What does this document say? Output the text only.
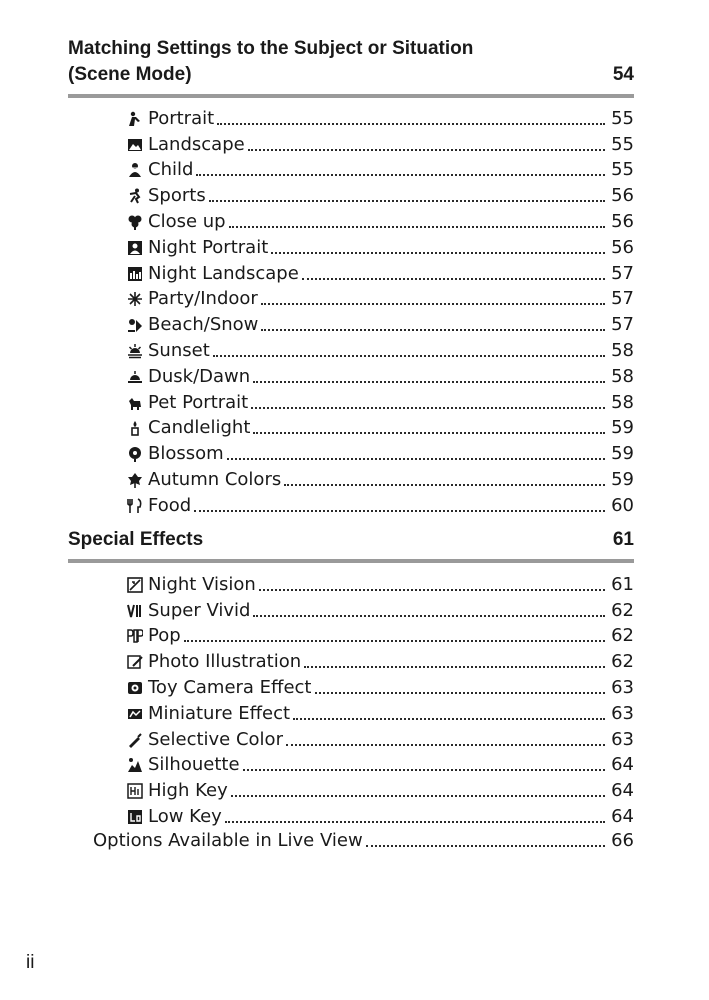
Matching Settings to the Subject or Situation
(Scene Mode)	54
Portrait	55
Landscape	55
Child	55
Sports	56
Close up	56
Night Portrait	56
Night Landscape	57
Party/Indoor	57
Beach/Snow	57
Sunset	58
Dusk/Dawn	58
Pet Portrait	58
Candlelight	59
Blossom	59
Autumn Colors	59
Food	60
Special Effects	61
Night Vision	61
Super Vivid	62
Pop	62
Photo Illustration	62
Toy Camera Effect	63
Miniature Effect	63
Selective Color	63
Silhouette	64
High Key	64
Low Key	64
Options Available in Live View	66
ii
